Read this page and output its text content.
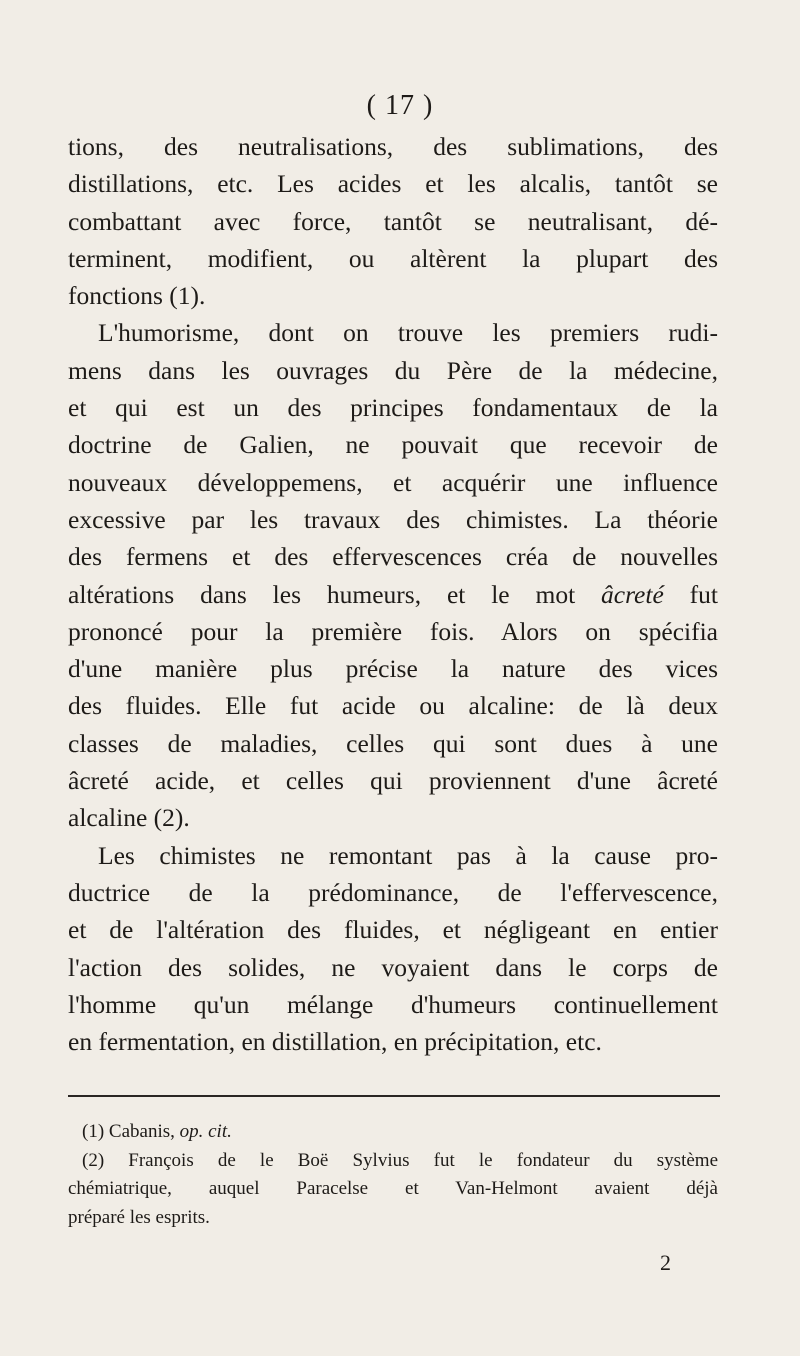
( 17 )
tions, des neutralisations, des sublimations, des
distillations, etc. Les acides et les alcalis, tantôt se
combattant avec force, tantôt se neutralisant, dé-
terminent, modifient, ou altèrent la plupart des
fonctions (1).
L'humorisme, dont on trouve les premiers rudi-
mens dans les ouvrages du Père de la médecine,
et qui est un des principes fondamentaux de la
doctrine de Galien, ne pouvait que recevoir de
nouveaux développemens, et acquérir une influence
excessive par les travaux des chimistes. La théorie
des fermens et des effervescences créa de nouvelles
altérations dans les humeurs, et le mot âcreté fut
prononcé pour la première fois. Alors on spécifia
d'une manière plus précise la nature des vices
des fluides. Elle fut acide ou alcaline: de là deux
classes de maladies, celles qui sont dues à une
âcreté acide, et celles qui proviennent d'une âcreté
alcaline (2).
Les chimistes ne remontant pas à la cause pro-
ductrice de la prédominance, de l'effervescence,
et de l'altération des fluides, et négligeant en entier
l'action des solides, ne voyaient dans le corps de
l'homme qu'un mélange d'humeurs continuellement
en fermentation, en distillation, en précipitation, etc.
(1) Cabanis, op. cit.
(2) François de le Boë Sylvius fut le fondateur du système
chémiatrique, auquel Paracelse et Van-Helmont avaient déjà
préparé les esprits.
2
